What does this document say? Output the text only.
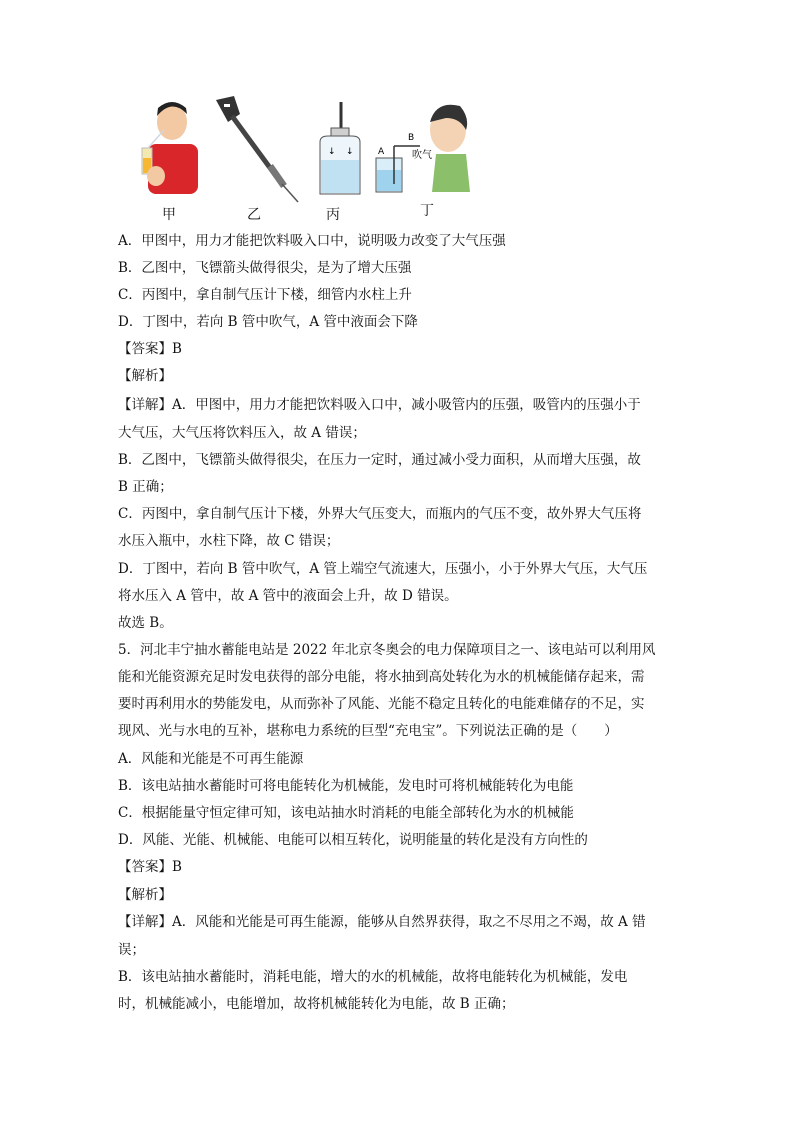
↓ ↓	A
B
吹气
甲	乙	丙	丁
A．甲图中，用力才能把饮料吸入口中，说明吸力改变了大气压强
B．乙图中，飞镖箭头做得很尖，是为了增大压强
C．丙图中，拿自制气压计下楼，细管内水柱上升
D．丁图中，若向 B 管中吹气，A 管中液面会下降
【答案】B
【解析】
【详解】A．甲图中，用力才能把饮料吸入口中，减小吸管内的压强，吸管内的压强小于
大气压，大气压将饮料压入，故 A 错误；
B．乙图中，飞镖箭头做得很尖，在压力一定时，通过减小受力面积，从而增大压强，故
B 正确；
C．丙图中，拿自制气压计下楼，外界大气压变大，而瓶内的气压不变，故外界大气压将
水压入瓶中，水柱下降，故 C 错误；
D．丁图中，若向 B 管中吹气，A 管上端空气流速大，压强小，小于外界大气压，大气压
将水压入 A 管中，故 A 管中的液面会上升，故 D 错误。
故选 B。
5．河北丰宁抽水蓄能电站是 2022 年北京冬奥会的电力保障项目之一、该电站可以利用风
能和光能资源充足时发电获得的部分电能，将水抽到高处转化为水的机械能储存起来，需
要时再利用水的势能发电，从而弥补了风能、光能不稳定且转化的电能难储存的不足，实
现风、光与水电的互补，堪称电力系统的巨型“充电宝”。下列说法正确的是（　　）
A．风能和光能是不可再生能源
B．该电站抽水蓄能时可将电能转化为机械能，发电时可将机械能转化为电能
C．根据能量守恒定律可知，该电站抽水时消耗的电能全部转化为水的机械能
D．风能、光能、机械能、电能可以相互转化，说明能量的转化是没有方向性的
【答案】B
【解析】
【详解】A．风能和光能是可再生能源，能够从自然界获得，取之不尽用之不竭，故 A 错
误；
B．该电站抽水蓄能时，消耗电能，增大的水的机械能，故将电能转化为机械能，发电
时，机械能减小，电能增加，故将机械能转化为电能，故 B 正确；
